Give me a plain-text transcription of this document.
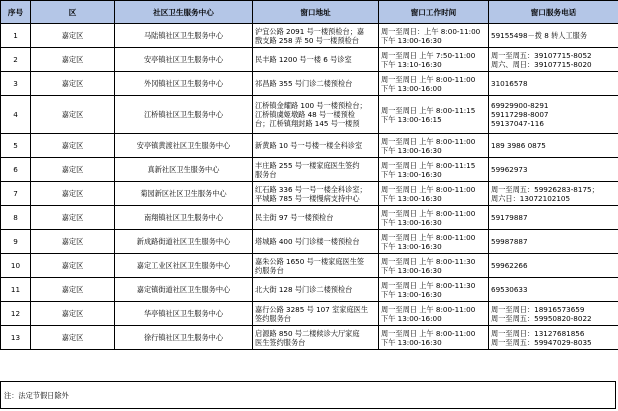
序号	区	社区卫生服务中心	窗口地址	窗口工作时间	窗口服务电话
1	嘉定区	马陆镇社区卫生服务中心	沪宜公路 2091 号一楼预检台；嘉
戬支路 258 弄 50 号一楼预检台	周一至周日：上午 8:00-11:00
下午 13:00-16:30	59155498－拨 8 转人工服务

2	嘉定区	安亭镇社区卫生服务中心	民丰路 1200 号一楼 6 号诊室	周一至周日 上午 7:50-11:00
下午 13:10-16:30	周一至周五：39107715-8052
周六、周日：39107715-8020

3	嘉定区	外冈镇社区卫生服务中心	祁昌路 355 号门诊二楼预检台	周一至周日 上午 8:00-11:00
下午 13:00-16:00	31016578

4	嘉定区	江桥镇社区卫生服务中心	江桥镇金耀路 100 号一楼预检台；
江桥镇虞姬墩路 48 号一楼预检
台；江桥镇翔封路 145 号一楼预	周一至周日 上午 8:00-11:15
下午 13:00-16:15	69929900-8291
59117298-8007
59137047-116

5	嘉定区	安亭镇黄渡社区卫生服务中心	新黄路 10 号一号楼一楼全科诊室	周一至周日 上午 8:00-11:00
下午 13:00-16:30	189 3986 0875

6	嘉定区	真新社区卫生服务中心	丰庄路 255 号一楼家庭医生签约
服务台	周一至周日 上午 8:00-11:15
下午 13:00-16:30	59962973

7	嘉定区	菊园新区社区卫生服务中心	红石路 336 号一号一楼全科诊室；
平城路 785 号一楼慢病支持中心	周一至周日 上午 8:00-11:00
下午 13:00-16:30	周一至周五：59926283-8175；
周六日：13072102105

8	嘉定区	南翔镇社区卫生服务中心	民主街 97 号一楼预检台	周一至周日 上午 8:00-11:00
下午 13:00-16:30	59179887

9	嘉定区	新成路街道社区卫生服务中心	塔城路 400 号门诊楼一楼预检台	周一至周日 上午 8:00-11:00
下午 13:00-16:30	59987887

10	嘉定区	嘉定工业区社区卫生服务中心	嘉朱公路 1650 号一楼家庭医生签
约服务台	周一至周日 上午 8:00-11:30
下午 13:00-16:30	59962266

11	嘉定区	嘉定镇街道社区卫生服务中心	北大街 128 号门诊二楼预检台	周一至周日 上午 8:00-11:30
下午 13:00-16:30	69530633

12	嘉定区	华亭镇社区卫生服务中心	嘉行公路 3285 号 107 室家庭医生
签约服务台	周一至周日 上午 8:00-11:00
下午 13:00-16:00	周一至周日：18916573659
周一至周五：59950820-8022

13	嘉定区	徐行镇社区卫生服务中心	启源路 850 号二楼候诊大厅家庭
医生签约服务台	周一至周日 上午 8:00-11:00
下午 13:00-16:30	周一至周日：13127681856
周一至周五：59947029-8035
注：法定节假日除外
